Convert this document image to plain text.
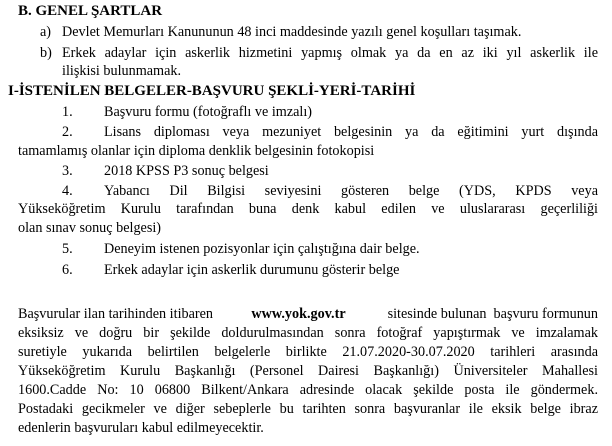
B. GENEL ŞARTLAR
a) Devlet Memurları Kanununun 48 inci maddesinde yazılı genel koşulları taşımak.
b) Erkek adaylar için askerlik hizmetini yapmış olmak ya da en az iki yıl askerlik ile
ilişkisi bulunmamak.
I-İSTENİLEN BELGELER-BAŞVURU ŞEKLİ-YERİ-TARİHİ
1. Başvuru formu (fotoğraflı ve imzalı)
2. Lisans diploması veya mezuniyet belgesinin ya da eğitimini yurt dışında
tamamlamış olanlar için diploma denklik belgesinin fotokopisi
3. 2018 KPSS P3 sonuç belgesi
4. Yabancı Dil Bilgisi seviyesini gösteren belge (YDS, KPDS veya
Yükseköğretim Kurulu tarafından buna denk kabul edilen ve uluslararası geçerliliği
olan sınav sonuç belgesi)
5. Deneyim istenen pozisyonlar için çalıştığına dair belge.
6. Erkek adaylar için askerlik durumunu gösterir belge
Başvurular ilan tarihinden itibaren	www.yok.gov.tr	sitesinde bulunan  başvuru formunun
eksiksiz ve doğru bir şekilde doldurulmasından sonra fotoğraf yapıştırmak ve imzalamak
suretiyle yukarıda belirtilen belgelerle birlikte 21.07.2020-30.07.2020 tarihleri arasında
Yükseköğretim Kurulu Başkanlığı (Personel Dairesi Başkanlığı) Üniversiteler Mahallesi
1600.Cadde No: 10 06800 Bilkent/Ankara adresinde olacak şekilde posta ile göndermek.
Postadaki gecikmeler ve diğer sebeplerle bu tarihten sonra başvuranlar ile eksik belge ibraz
edenlerin başvuruları kabul edilmeyecektir.
